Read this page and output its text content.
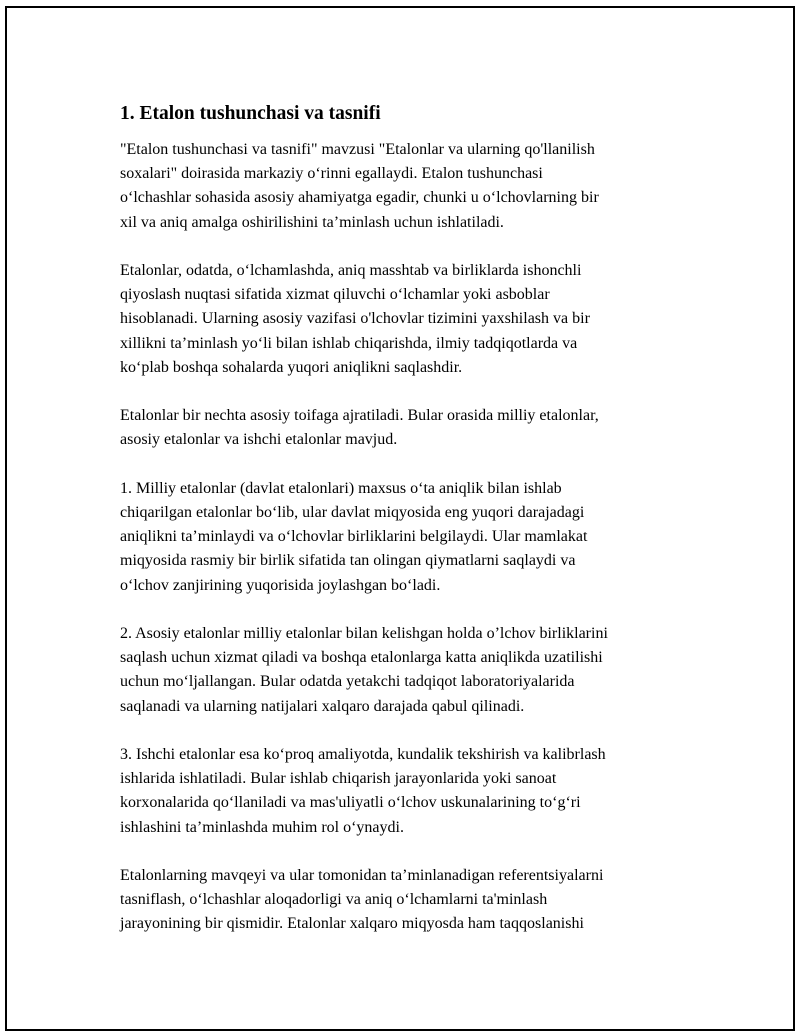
1. Etalon tushunchasi va tasnifi

"Etalon tushunchasi va tasnifi" mavzusi "Etalonlar va ularning qo'llanilish
soxalari" doirasida markaziy o‘rinni egallaydi. Etalon tushunchasi
o‘lchashlar sohasida asosiy ahamiyatga egadir, chunki u o‘lchovlarning bir
xil va aniq amalga oshirilishini ta’minlash uchun ishlatiladi.

Etalonlar, odatda, o‘lchamlashda, aniq masshtab va birliklarda ishonchli
qiyoslash nuqtasi sifatida xizmat qiluvchi o‘lchamlar yoki asboblar
hisoblanadi. Ularning asosiy vazifasi o'lchovlar tizimini yaxshilash va bir
xillikni ta’minlash yo‘li bilan ishlab chiqarishda, ilmiy tadqiqotlarda va
ko‘plab boshqa sohalarda yuqori aniqlikni saqlashdir.

Etalonlar bir nechta asosiy toifaga ajratiladi. Bular orasida milliy etalonlar,
asosiy etalonlar va ishchi etalonlar mavjud.

1. Milliy etalonlar (davlat etalonlari) maxsus o‘ta aniqlik bilan ishlab
chiqarilgan etalonlar bo‘lib, ular davlat miqyosida eng yuqori darajadagi
aniqlikni ta’minlaydi va o‘lchovlar birliklarini belgilaydi. Ular mamlakat
miqyosida rasmiy bir birlik sifatida tan olingan qiymatlarni saqlaydi va
o‘lchov zanjirining yuqorisida joylashgan bo‘ladi.

2. Asosiy etalonlar milliy etalonlar bilan kelishgan holda o’lchov birliklarini
saqlash uchun xizmat qiladi va boshqa etalonlarga katta aniqlikda uzatilishi
uchun mo‘ljallangan. Bular odatda yetakchi tadqiqot laboratoriyalarida
saqlanadi va ularning natijalari xalqaro darajada qabul qilinadi.

3. Ishchi etalonlar esa ko‘proq amaliyotda, kundalik tekshirish va kalibrlash
ishlarida ishlatiladi. Bular ishlab chiqarish jarayonlarida yoki sanoat
korxonalarida qo‘llaniladi va mas'uliyatli o‘lchov uskunalarining to‘g‘ri
ishlashini ta’minlashda muhim rol o‘ynaydi.

Etalonlarning mavqeyi va ular tomonidan ta’minlanadigan referentsiyalarni
tasniflash, o‘lchashlar aloqadorligi va aniq o‘lchamlarni ta'minlash
jarayonining bir qismidir. Etalonlar xalqaro miqyosda ham taqqoslanishi
